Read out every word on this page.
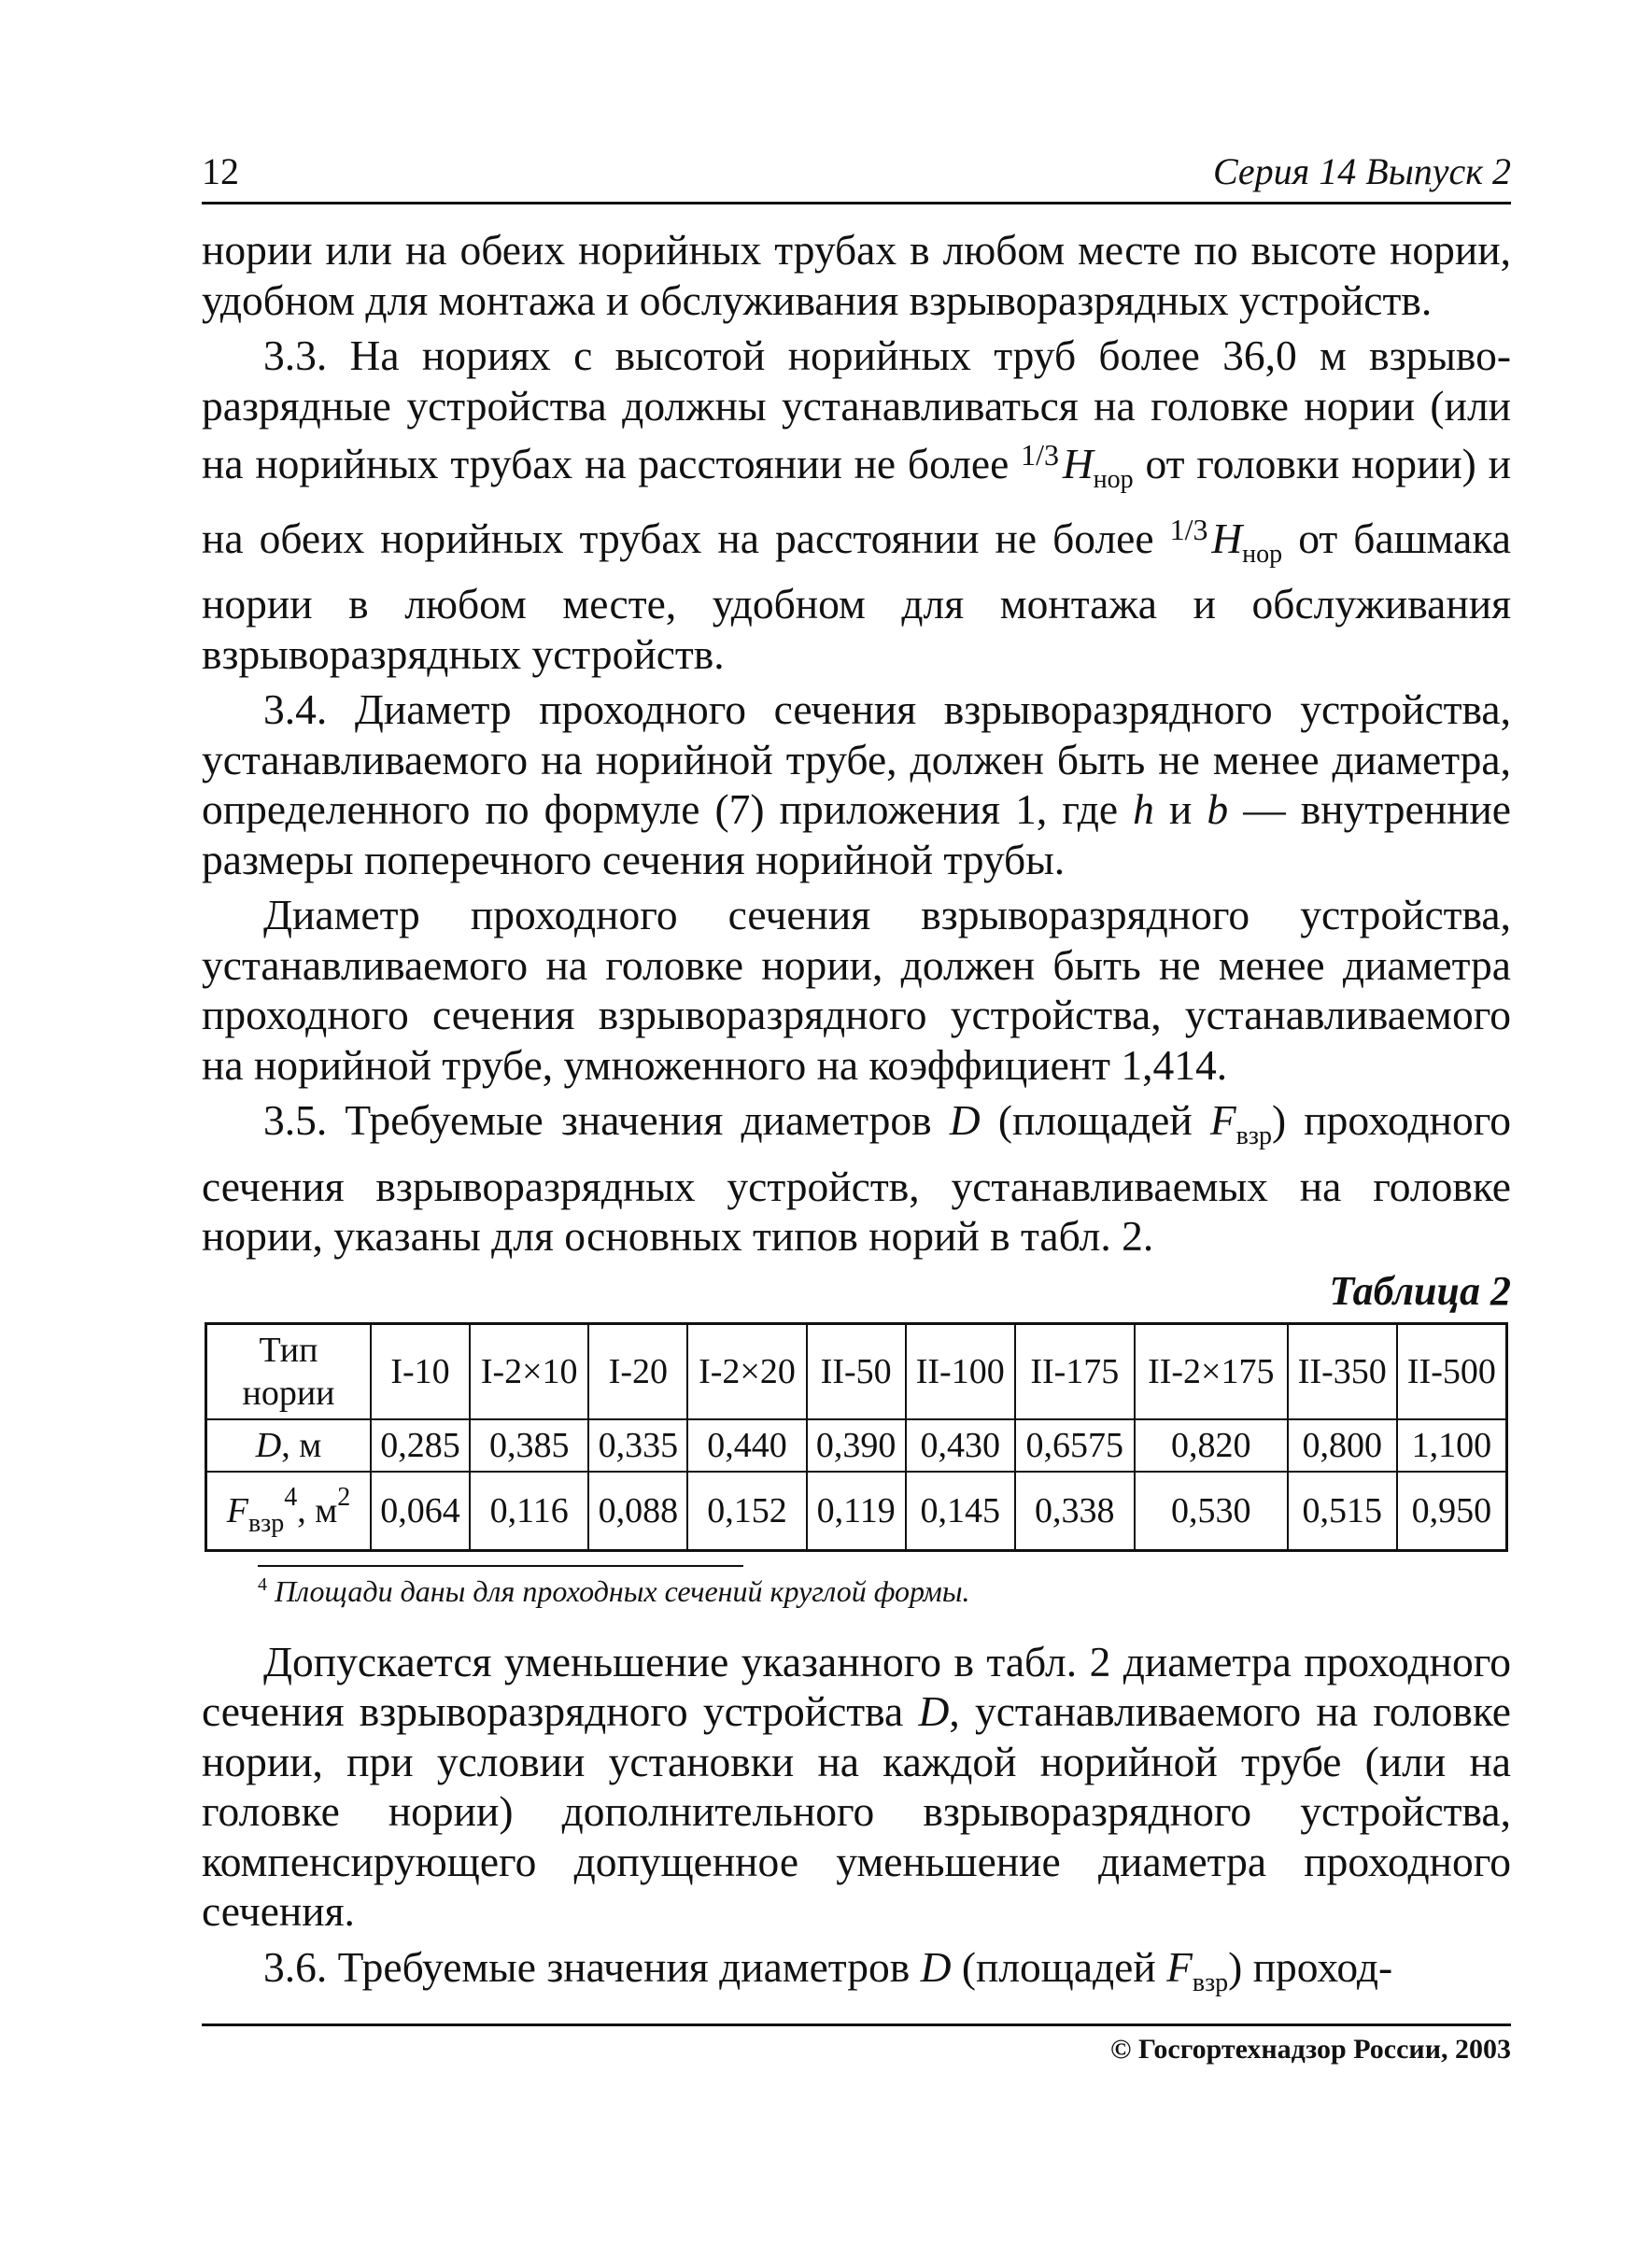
12	Серия 14 Выпуск 2

нории или на обеих норийных трубах в любом месте по высоте нории, удобном для монтажа и обслуживания взрыворазрядных устройств.

3.3. На нориях с высотой норийных труб более 36,0 м взрыворазрядные устройства должны устанавливаться на головке нории (или на норийных трубах на расстоянии не более $^{1/3}$ $H_{нор}$ от головки нории) и на обеих норийных трубах на расстоянии не более $^{1/3}$ $H_{нор}$ от башмака нории в любом месте, удобном для монтажа и обслуживания взрыворазрядных устройств.

3.4. Диаметр проходного сечения взрыворазрядного устройства, устанавливаемого на норийной трубе, должен быть не менее диаметра, определенного по формуле (7) приложения 1, где h и b — внутренние размеры поперечного сечения норийной трубы.

Диаметр проходного сечения взрыворазрядного устройства, устанавливаемого на головке нории, должен быть не менее диаметра проходного сечения взрыворазрядного устройства, устанавливаемого на норийной трубе, умноженного на коэффициент 1,414.

3.5. Требуемые значения диаметров D (площадей $F_{взр}$) проходного сечения взрыворазрядных устройств, устанавливаемых на головке нории, указаны для основных типов норий в табл. 2.

Таблица 2
Тип нории	I-10	I-2×10	I-20	I-2×20	II-50	II-100	II-175	II-2×175	II-350	II-500
D, м	0,285	0,385	0,335	0,440	0,390	0,430	0,6575	0,820	0,800	1,100
$F_{взр}^4$, $м^2$	0,064	0,116	0,088	0,152	0,119	0,145	0,338	0,530	0,515	0,950
$^4$ Площади даны для проходных сечений круглой формы.

Допускается уменьшение указанного в табл. 2 диаметра проходного сечения взрыворазрядного устройства D, устанавливаемого на головке нории, при условии установки на каждой норийной трубе (или на головке нории) дополнительного взрыворазрядного устройства, компенсирующего допущенное уменьшение диаметра проходного сечения.

3.6. Требуемые значения диаметров D (площадей $F_{взр}$) проход-

© Госгортехнадзор России, 2003
